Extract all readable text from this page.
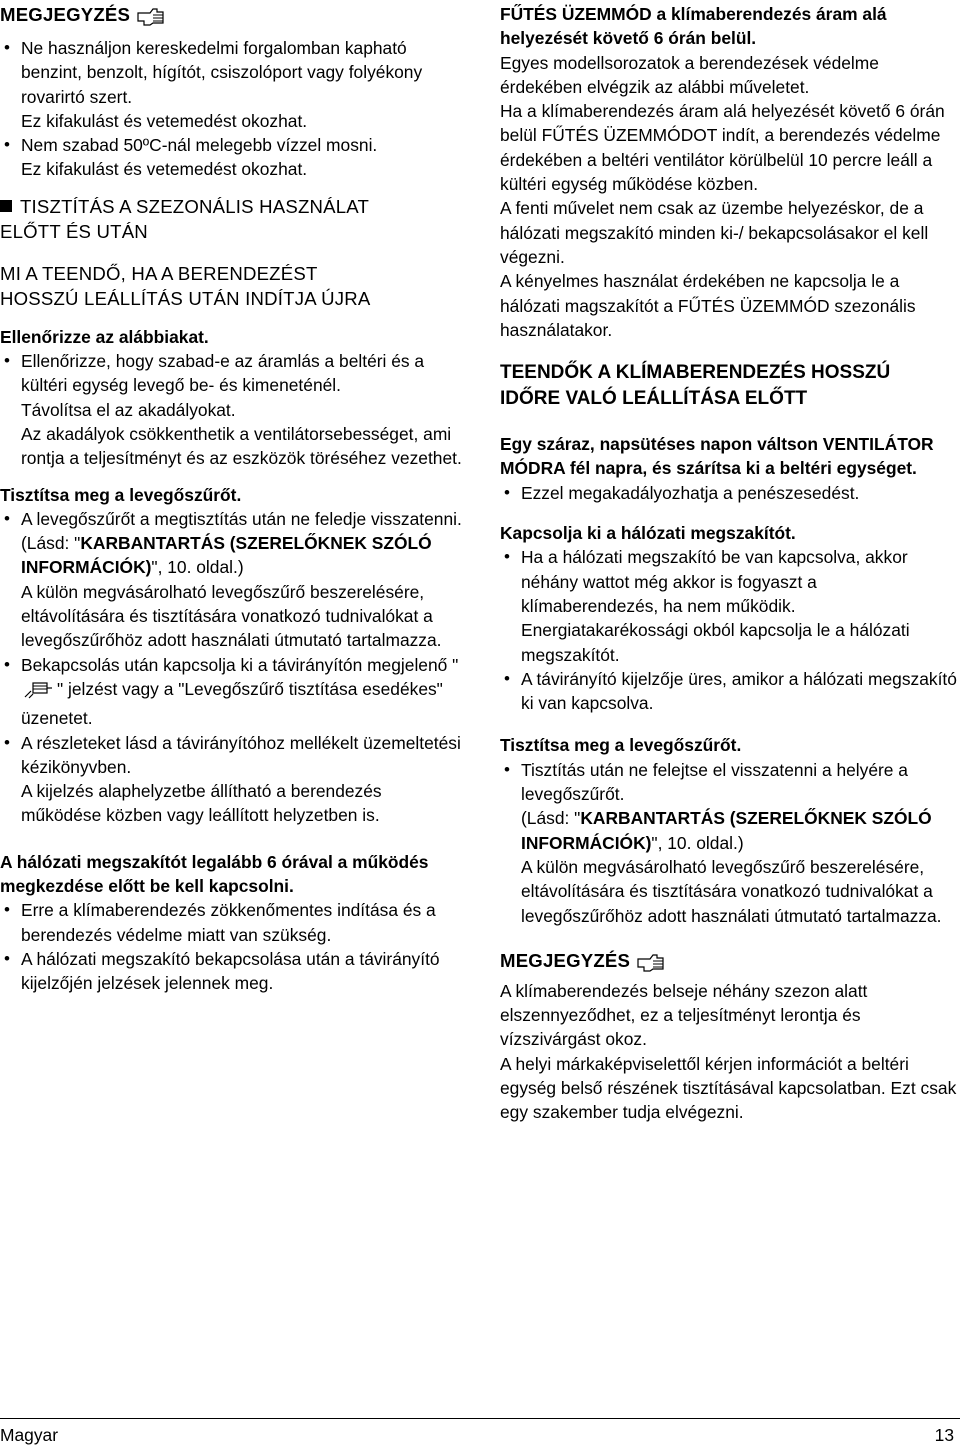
MEGJEGYZÉS

• Ne használjon kereskedelmi forgalomban kapható benzint, benzolt, hígítót, csiszolóport vagy folyékony rovarirtó szert.

Ez kifakulást és vetemedést okozhat.

• Nem szabad 50ºC-nál melegebb vízzel mosni.

Ez kifakulást és vetemedést okozhat.

TISZTÍTÁS A SZEZONÁLIS HASZNÁLAT

ELŐTT ÉS UTÁN

MI A TEENDŐ, HA A BERENDEZÉST

HOSSZÚ LEÁLLÍTÁS UTÁN INDÍTJA ÚJRA

Ellenőrizze az alábbiakat.

• Ellenőrizze, hogy szabad-e az áramlás a beltéri és a kültéri egység levegő be- és kimeneténél.

Távolítsa el az akadályokat.

Az akadályok csökkenthetik a ventilátorsebességet, ami rontja a teljesítményt és az eszközök töréséhez vezethet.

Tisztítsa meg a levegőszűrőt.

• A levegőszűrőt a megtisztítás után ne feledje visszatenni.

(Lásd: "KARBANTARTÁS (SZERELŐKNEK SZÓLÓ INFORMÁCIÓK)", 10. oldal.)

A külön megvásárolható levegőszűrő beszerelésére, eltávolítására és tisztítására vonatkozó tudnivalókat a levegőszűrőhöz adott használati útmutató tartalmazza.

• Bekapcsolás után kapcsolja ki a távirányítón megjelenő "" jelzést vagy a "Levegőszűrő tisztítása esedékes" üzenetet.
• A részleteket lásd a távirányítóhoz mellékelt üzemeltetési kézikönyvben.

A kijelzés alaphelyzetbe állítható a berendezés működése közben vagy leállított helyzetben is.

A hálózati megszakítót legalább 6 órával a működés megkezdése előtt be kell kapcsolni.

• Erre a klímaberendezés zökkenőmentes indítása és a berendezés védelme miatt van szükség.
• A hálózati megszakító bekapcsolása után a távirányító kijelzőjén jelzések jelennek meg.

FŰTÉS ÜZEMMÓD a klímaberendezés áram alá helyezését követő 6 órán belül.

Egyes modellsorozatok a berendezések védelme érdekében elvégzik az alábbi műveletet.

Ha a klímaberendezés áram alá helyezését követő 6 órán belül FŰTÉS ÜZEMMÓDOT indít, a berendezés védelme érdekében a beltéri ventilátor körülbelül 10 percre leáll a kültéri egység működése közben.

A fenti művelet nem csak az üzembe helyezéskor, de a hálózati megszakító minden ki-/ bekapcsolásakor el kell végezni.

A kényelmes használat érdekében ne kapcsolja le a hálózati magszakítót a FŰTÉS ÜZEMMÓD szezonális használatakor.

TEENDŐK A KLÍMABERENDEZÉS HOSSZÚ

IDŐRE VALÓ LEÁLLÍTÁSA ELŐTT

Egy száraz, napsütéses napon váltson VENTILÁTOR MÓDRA fél napra, és szárítsa ki a beltéri egységet.

• Ezzel megakadályozhatja a penészesedést.

Kapcsolja ki a hálózati megszakítót.

• Ha a hálózati megszakító be van kapcsolva, akkor néhány wattot még akkor is fogyaszt a klímaberendezés, ha nem működik.

Energiatakarékossági okból kapcsolja le a hálózati megszakítót.

• A távirányító kijelzője üres, amikor a hálózati megszakító ki van kapcsolva.

Tisztítsa meg a levegőszűrőt.

• Tisztítás után ne felejtse el visszatenni a helyére a levegőszűrőt.

(Lásd: "KARBANTARTÁS (SZERELŐKNEK SZÓLÓ INFORMÁCIÓK)", 10. oldal.)

A külön megvásárolható levegőszűrő beszerelésére, eltávolítására és tisztítására vonatkozó tudnivalókat a levegőszűrőhöz adott használati útmutató tartalmazza.

MEGJEGYZÉS

A klímaberendezés belseje néhány szezon alatt elszennyeződhet, ez a teljesítményt lerontja és vízszivárgást okoz.

A helyi márkaképviselettől kérjen információt a beltéri egység belső részének tisztításával kapcsolatban. Ezt csak egy szakember tudja elvégezni.

Magyar	13
